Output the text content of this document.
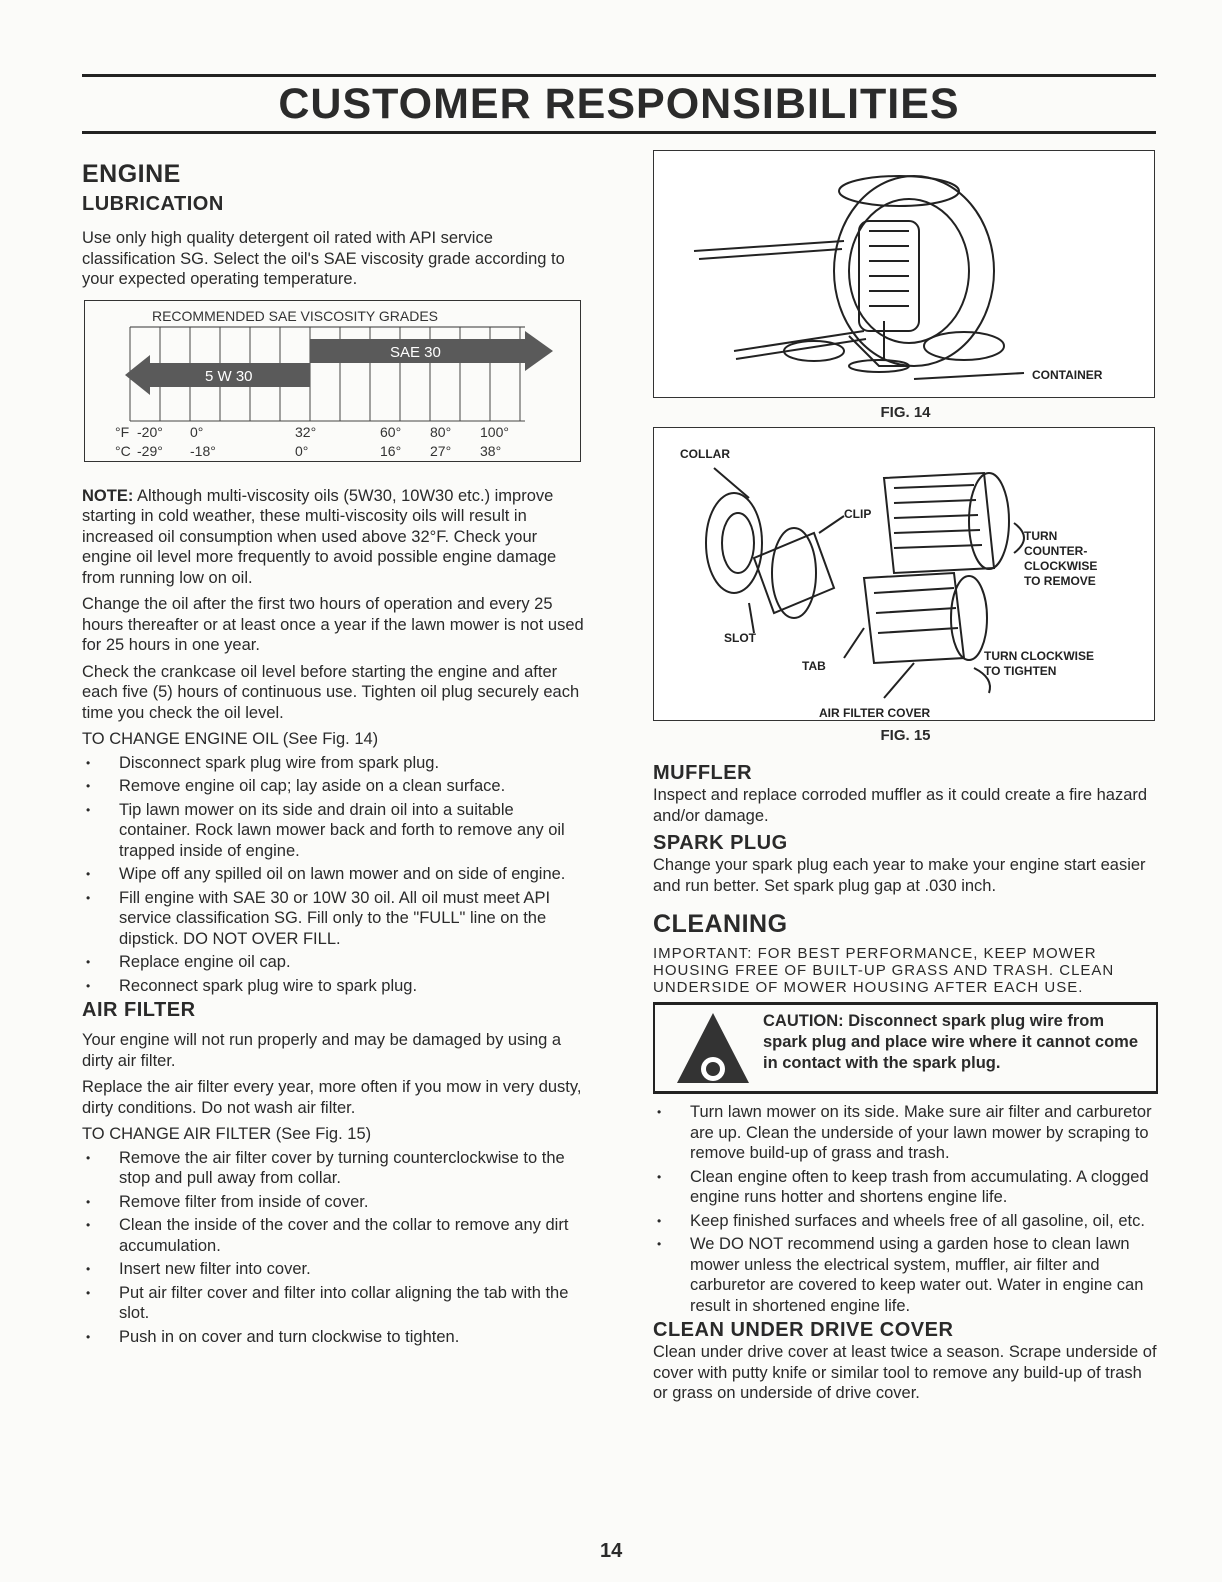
CUSTOMER RESPONSIBILITIES
ENGINE
LUBRICATION

Use only high quality detergent oil rated with API service classification SG. Select the oil's SAE viscosity grade according to your expected operating temperature.

RECOMMENDED SAE VISCOSITY GRADES
SAE 30
5 W 30
°F
°C
-20° 0°	32°	60° 80° 100°
-29° -18°	0°	16° 27° 38°

NOTE: Although multi-viscosity oils (5W30, 10W30 etc.) improve starting in cold weather, these multi-viscosity oils will result in increased oil consumption when used above 32°F. Check your engine oil level more frequently to avoid possible engine damage from running low on oil.

Change the oil after the first two hours of operation and every 25 hours thereafter or at least once a year if the lawn mower is not used for 25 hours in one year.

Check the crankcase oil level before starting the engine and after each five (5) hours of continuous use. Tighten oil plug securely each time you check the oil level.

TO CHANGE ENGINE OIL (See Fig. 14)

• Disconnect spark plug wire from spark plug.
• Remove engine oil cap; lay aside on a clean surface.
• Tip lawn mower on its side and drain oil into a suitable container. Rock lawn mower back and forth to remove any oil trapped inside of engine.
• Wipe off any spilled oil on lawn mower and on side of engine.
• Fill engine with SAE 30 or 10W 30 oil. All oil must meet API service classification SG. Fill only to the "FULL" line on the dipstick. DO NOT OVER FILL.
• Replace engine oil cap.
• Reconnect spark plug wire to spark plug.
AIR FILTER

Your engine will not run properly and may be damaged by using a dirty air filter.

Replace the air filter every year, more often if you mow in very dusty, dirty conditions. Do not wash air filter.

TO CHANGE AIR FILTER (See Fig. 15)

• Remove the air filter cover by turning counterclockwise to the stop and pull away from collar.
• Remove filter from inside of cover.
• Clean the inside of the cover and the collar to remove any dirt accumulation.
• Insert new filter into cover.
• Put air filter cover and filter into collar aligning the tab with the slot.
• Push in on cover and turn clockwise to tighten.
CONTAINER
FIG. 14
COLLAR
CLIP
SLOT
TAB
AIR FILTER COVER
TURN
COUNTER-
CLOCKWISE
TO REMOVE
TURN CLOCKWISE
TO TIGHTEN
FIG. 15
MUFFLER

Inspect and replace corroded muffler as it could create a fire hazard and/or damage.

SPARK PLUG

Change your spark plug each year to make your engine start easier and run better. Set spark plug gap at .030 inch.

CLEANING
IMPORTANT: FOR BEST PERFORMANCE, KEEP MOWER HOUSING FREE OF BUILT-UP GRASS AND TRASH. CLEAN UNDERSIDE OF MOWER HOUSING AFTER EACH USE.
CAUTION: Disconnect spark plug wire from spark plug and place wire where it cannot come in contact with the spark plug.
• Turn lawn mower on its side. Make sure air filter and carburetor are up. Clean the underside of your lawn mower by scraping to remove build-up of grass and trash.
• Clean engine often to keep trash from accumulating. A clogged engine runs hotter and shortens engine life.
• Keep finished surfaces and wheels free of all gasoline, oil, etc.
• We DO NOT recommend using a garden hose to clean lawn mower unless the electrical system, muffler, air filter and carburetor are covered to keep water out. Water in engine can result in shortened engine life.
CLEAN UNDER DRIVE COVER

Clean under drive cover at least twice a season. Scrape underside of cover with putty knife or similar tool to remove any build-up of trash or grass on underside of drive cover.

14
